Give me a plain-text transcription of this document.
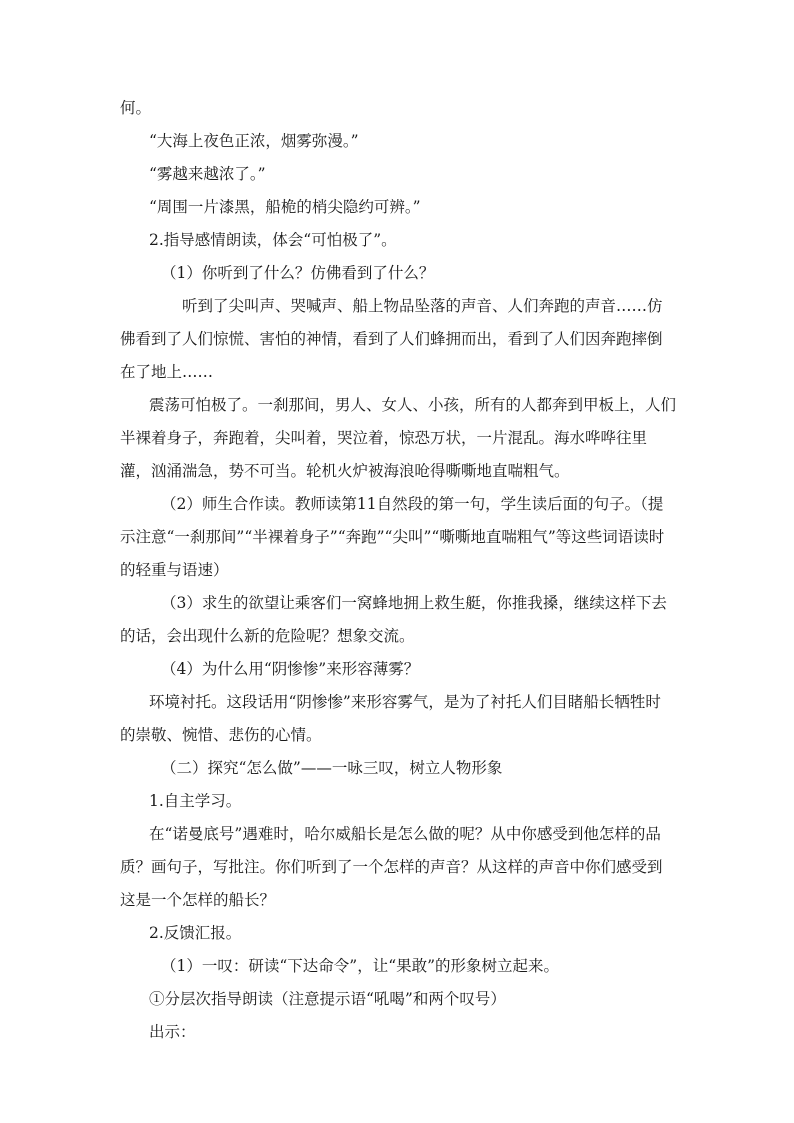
何。

“大海上夜色正浓，烟雾弥漫。”

“雾越来越浓了。”

“周围一片漆黑，船桅的梢尖隐约可辨。”

2.指导感情朗读，体会“可怕极了”。

（1）你听到了什么？仿佛看到了什么？

听到了尖叫声、哭喊声、船上物品坠落的声音、人们奔跑的声音……仿佛看到了人们惊慌、害怕的神情，看到了人们蜂拥而出，看到了人们因奔跑摔倒在了地上……

震荡可怕极了。一刹那间，男人、女人、小孩，所有的人都奔到甲板上，人们半裸着身子，奔跑着，尖叫着，哭泣着，惊恐万状，一片混乱。海水哗哗往里灌，汹涌湍急，势不可当。轮机火炉被海浪呛得嘶嘶地直喘粗气。

（2）师生合作读。教师读第11自然段的第一句，学生读后面的句子。（提示注意“一刹那间”“半裸着身子”“奔跑”“尖叫”“嘶嘶地直喘粗气”等这些词语读时的轻重与语速）

（3）求生的欲望让乘客们一窝蜂地拥上救生艇，你推我搡，继续这样下去的话，会出现什么新的危险呢？想象交流。

（4）为什么用“阴惨惨”来形容薄雾？

环境衬托。这段话用“阴惨惨”来形容雾气，是为了衬托人们目睹船长牺牲时的崇敬、惋惜、悲伤的心情。

（二）探究“怎么做”——一咏三叹，树立人物形象

1.自主学习。

在“诺曼底号”遇难时，哈尔威船长是怎么做的呢？从中你感受到他怎样的品质？画句子，写批注。你们听到了一个怎样的声音？从这样的声音中你们感受到这是一个怎样的船长？

2.反馈汇报。

（1）一叹：研读“下达命令”，让“果敢”的形象树立起来。

①分层次指导朗读（注意提示语“吼喝”和两个叹号）

出示：
